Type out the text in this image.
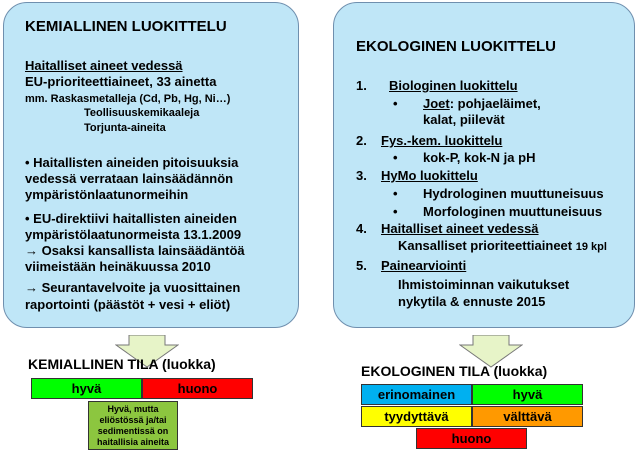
KEMIALLINEN LUOKITTELU
Haitalliset aineet vedessä
EU-prioriteettiaineet, 33 ainetta
mm. Raskasmetalleja (Cd, Pb, Hg, Ni…)
Teollisuuskemikaaleja
Torjunta-aineita
• Haitallisten aineiden pitoisuuksia
vedessä verrataan lainsäädännön
ympäristönlaatunormeihin
• EU-direktiivi haitallisten aineiden
ympäristölaatunormeista 13.1.2009
→ Osaksi kansallista lainsäädäntöä
viimeistään heinäkuussa 2010
→ Seurantavelvoite ja vuosittainen
raportointi (päästöt + vesi + eliöt)
EKOLOGINEN LUOKITTELU
1. Biologinen luokittelu
• Joet: pohjaeläimet,
kalat, piilevät
2. Fys.-kem. luokittelu
• kok-P, kok-N ja pH
3. HyMo luokittelu
• Hydrologinen muuttuneisuus
• Morfologinen muuttuneisuus
4. Haitalliset aineet vedessä
Kansalliset prioriteettiaineet 19 kpl
5. Painearviointi
Ihmistoiminnan vaikutukset
nykytila & ennuste 2015
KEMIALLINEN TILA (luokka)
hyvä	huono
Hyvä, mutta eliöstössä ja/tai sedimentissä on haitallisia aineita
EKOLOGINEN TILA (luokka)
erinomainen	hyvä
tyydyttävä	välttävä
huono
